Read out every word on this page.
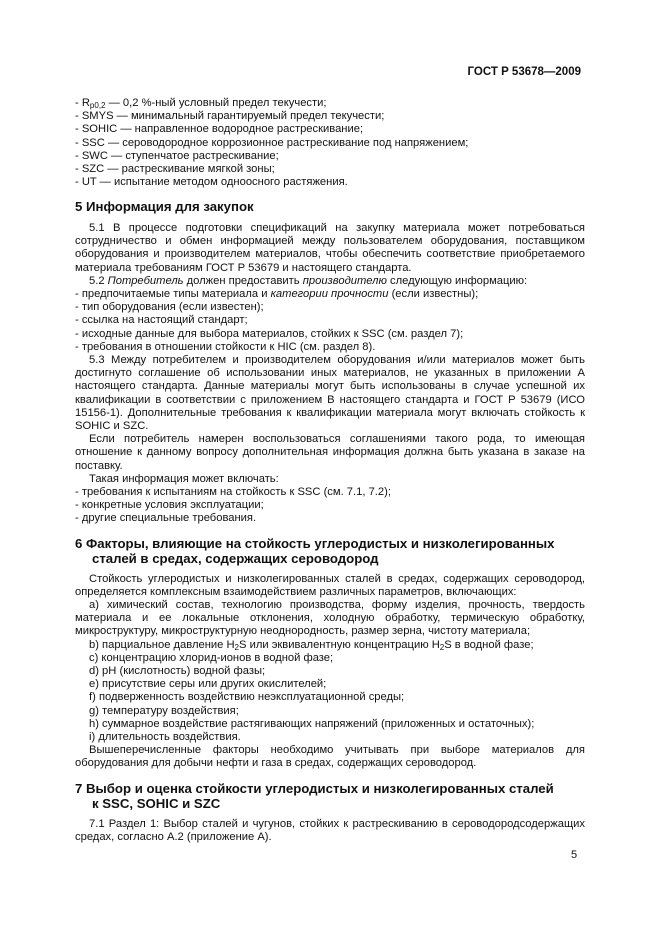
ГОСТ Р 53678—2009

- $R_{p0,2}$ — 0,2 %-ный условный предел текучести;

- SMYS — минимальный гарантируемый предел текучести;

- SOHIC — направленное водородное растрескивание;

- SSC — сероводородное коррозионное растрескивание под напряжением;

- SWC — ступенчатое растрескивание;

- SZC — растрескивание мягкой зоны;

- UT — испытание методом одноосного растяжения.

5 Информация для закупок

5.1 В процессе подготовки спецификаций на закупку материала может потребоваться сотрудничество и обмен информацией между пользователем оборудования, поставщиком оборудования и производителем материалов, чтобы обеспечить соответствие приобретаемого материала требованиям ГОСТ Р 53679 и настоящего стандарта.

5.2 Потребитель должен предоставить производителю следующую информацию:

- предпочитаемые типы материала и категории прочности (если известны);

- тип оборудования (если известен);

- ссылка на настоящий стандарт;

- исходные данные для выбора материалов, стойких к SSC (см. раздел 7);

- требования в отношении стойкости к HIC (см. раздел 8).

5.3 Между потребителем и производителем оборудования и/или материалов может быть достигнуто соглашение об использовании иных материалов, не указанных в приложении А настоящего стандарта. Данные материалы могут быть использованы в случае успешной их квалификации в соответствии с приложением В настоящего стандарта и ГОСТ Р 53679 (ИСО 15156-1). Дополнительные требования к квалификации материала могут включать стойкость к SOHIC и SZC.

Если потребитель намерен воспользоваться соглашениями такого рода, то имеющая отношение к данному вопросу дополнительная информация должна быть указана в заказе на поставку.

Такая информация может включать:

- требования к испытаниям на стойкость к SSC (см. 7.1, 7.2);

- конкретные условия эксплуатации;

- другие специальные требования.

6 Факторы, влияющие на стойкость углеродистых и низколегированных
сталей в средах, содержащих сероводород

Стойкость углеродистых и низколегированных сталей в средах, содержащих сероводород, определяется комплексным взаимодействием различных параметров, включающих:

а) химический состав, технологию производства, форму изделия, прочность, твердость материала и ее локальные отклонения, холодную обработку, термическую обработку, микроструктуру, микроструктурную неоднородность, размер зерна, чистоту материала;

b) парциальное давление $H_2S$ или эквивалентную концентрацию $H_2S$ в водной фазе;

c) концентрацию хлорид-ионов в водной фазе;

d) pH (кислотность) водной фазы;

e) присутствие серы или других окислителей;

f) подверженность воздействию неэксплуатационной среды;

g) температуру воздействия;

h) суммарное воздействие растягивающих напряжений (приложенных и остаточных);

i) длительность воздействия.

Вышеперечисленные факторы необходимо учитывать при выборе материалов для оборудования для добычи нефти и газа в средах, содержащих сероводород.

7 Выбор и оценка стойкости углеродистых и низколегированных сталей
к SSC, SOHIC и SZC

7.1 Раздел 1: Выбор сталей и чугунов, стойких к растрескиванию в сероводородсодержащих средах, согласно А.2 (приложение А).

5
